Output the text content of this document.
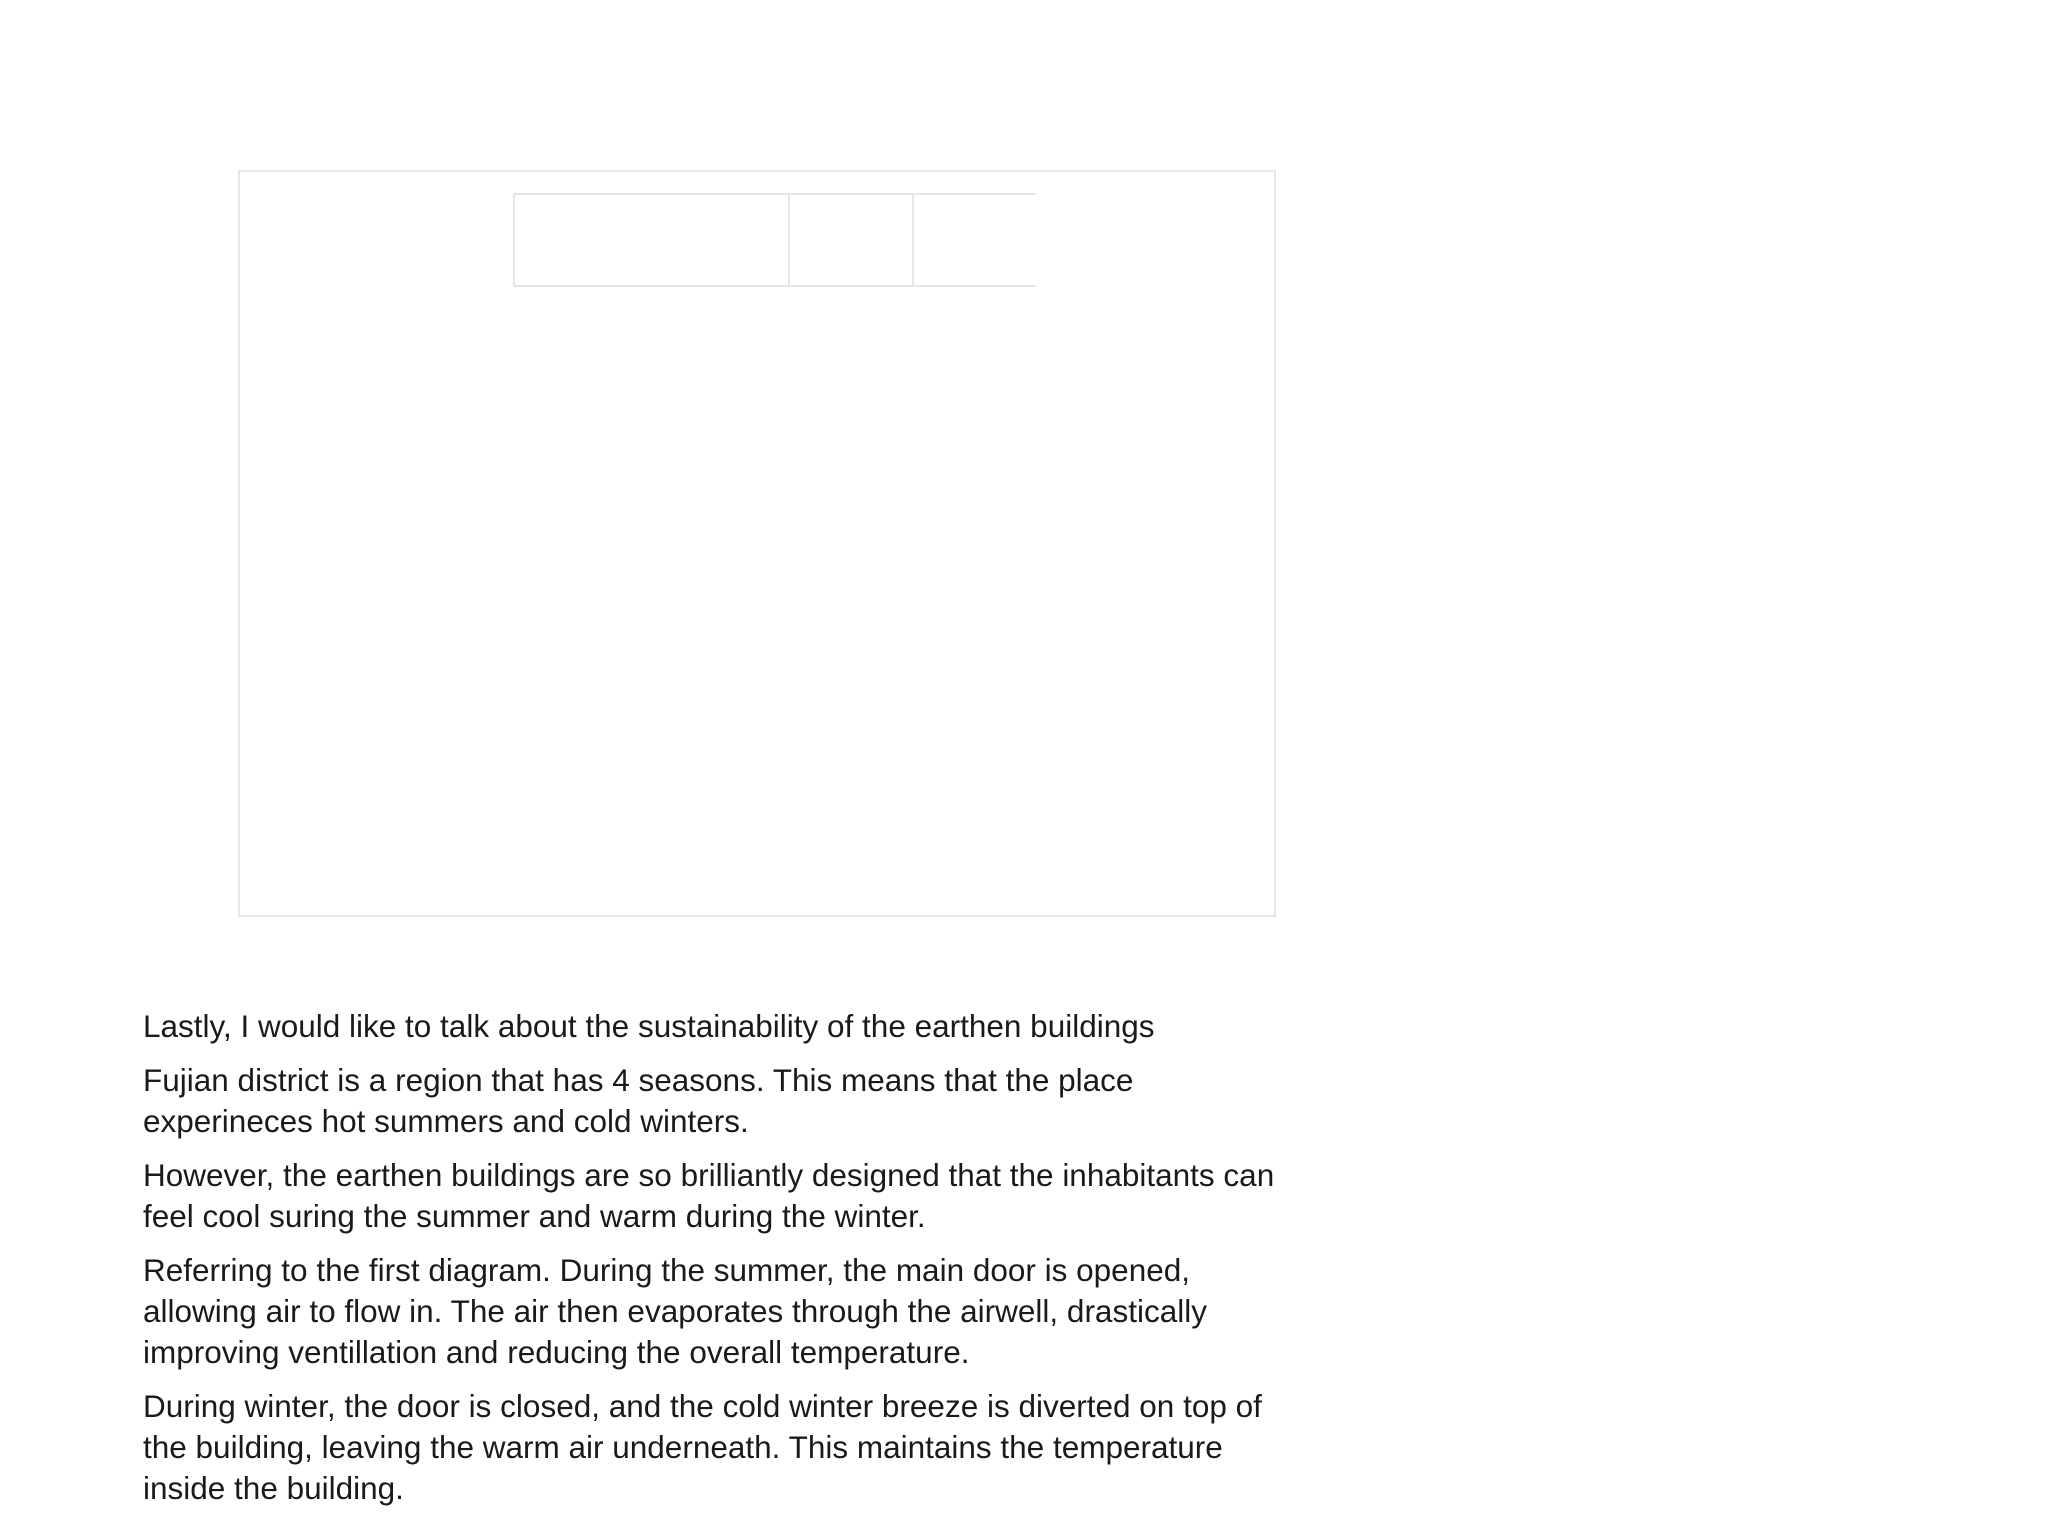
Lastly, I would like to talk about the sustainability of the earthen buildings

Fujian district is a region that has 4 seasons. This means that the place
experineces hot summers and cold winters.

However, the earthen buildings are so brilliantly designed that the inhabitants can
feel cool suring the summer and warm during the winter.

Referring to the first diagram. During the summer, the main door is opened,
allowing air to flow in. The air then evaporates through the airwell, drastically
improving ventillation and reducing the overall temperature.

During winter, the door is closed, and the cold winter breeze is diverted on top of
the building, leaving the warm air underneath. This maintains the temperature
inside the building.
